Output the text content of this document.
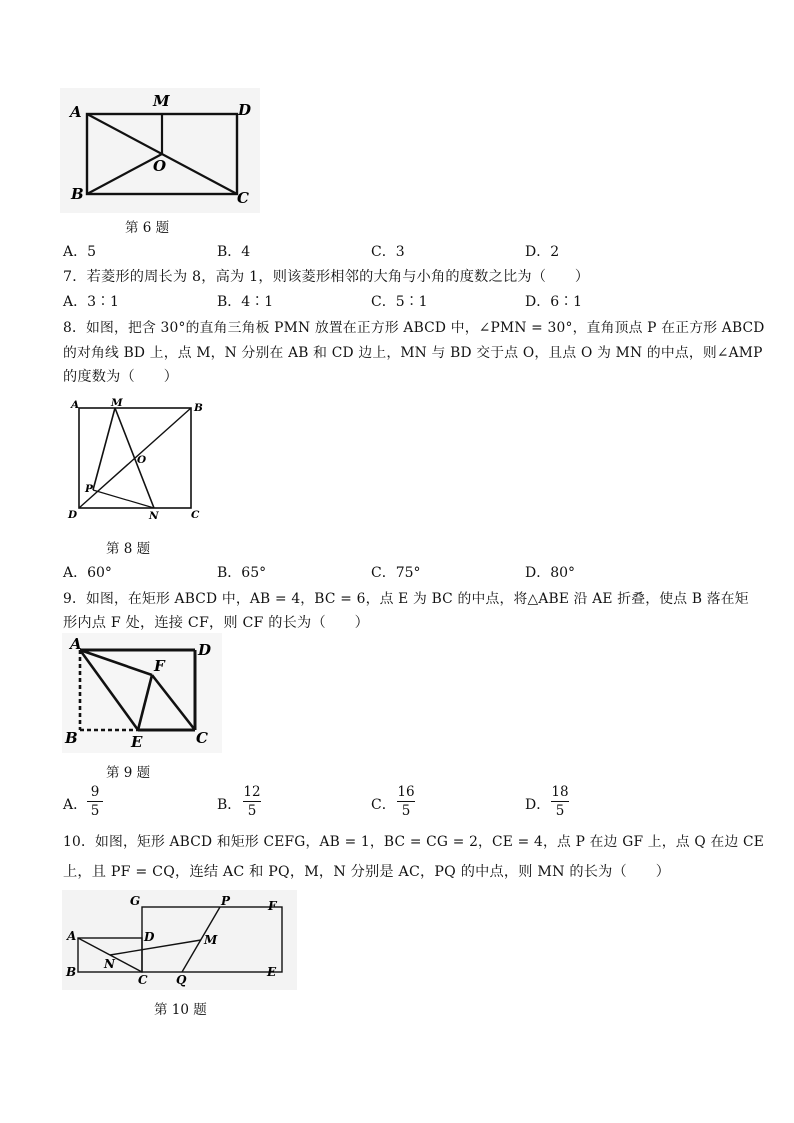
A
M	D
O
B	C
第 6 题
A．5	B．4	C．3	D．2
7．若菱形的周长为 8，高为 1，则该菱形相邻的大角与小角的度数之比为（　　）
A．3∶1	B．4∶1	C．5∶1	D．6∶1
8．如图，把含 30°的直角三角板 PMN 放置在正方形 ABCD 中，∠PMN = 30°，直角顶点 P 在正方形 ABCD
的对角线 BD 上，点 M，N 分别在 AB 和 CD 边上，MN 与 BD 交于点 O，且点 O 为 MN 的中点，则∠AMP
的度数为（　　）
A	M	B
O
P
D	N	C
第 8 题
A．60°	B．65°	C．75°	D．80°
9．如图，在矩形 ABCD 中，AB = 4，BC = 6，点 E 为 BC 的中点，将△ABE 沿 AE 折叠，使点 B 落在矩
形内点 F 处，连接 CF，则 CF 的长为（　　）
A	D
F
B	E	C
第 9 题
A．
9
5	B．
12
5	C．
16
5	D．
18
5
10．如图，矩形 ABCD 和矩形 CEFG，AB = 1，BC = CG = 2，CE = 4，点 P 在边 GF 上，点 Q 在边 CE
上，且 PF = CQ，连结 AC 和 PQ，M，N 分别是 AC，PQ 的中点，则 MN 的长为（　　）
G	P	F
A	D	M
N
B
C Q
E
第 10 题
